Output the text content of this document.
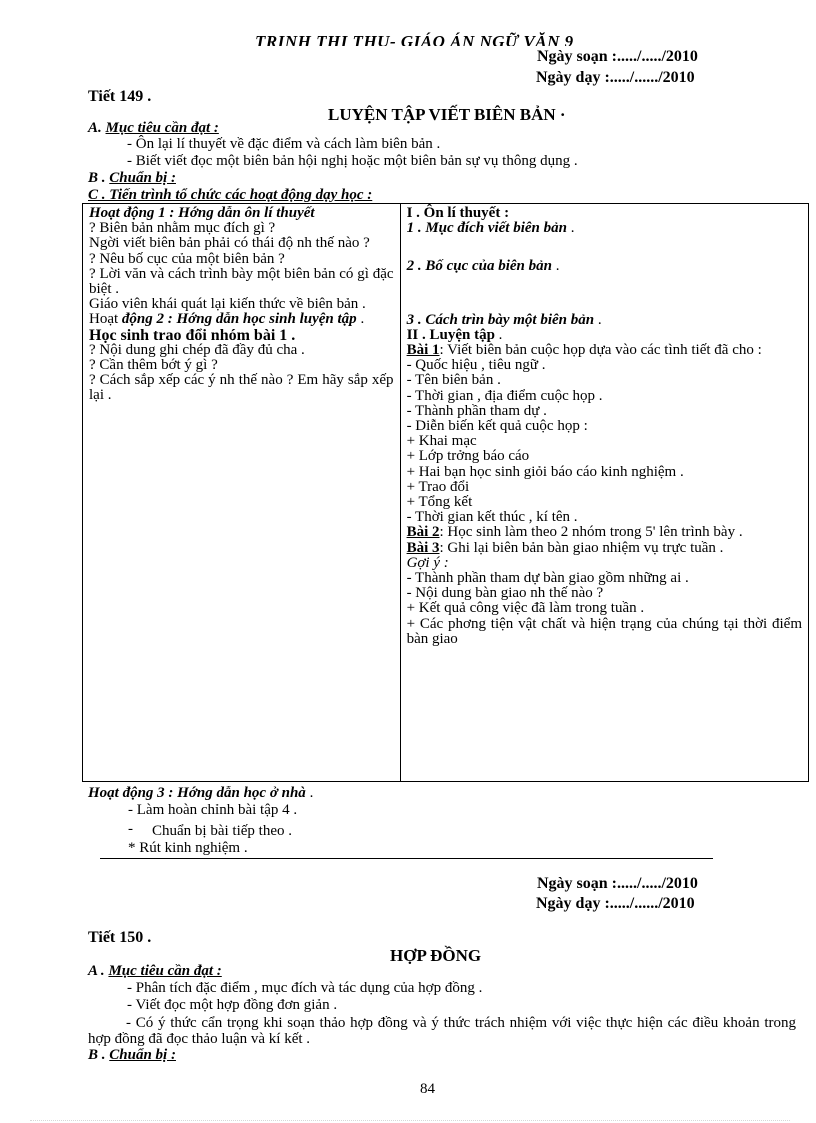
TRINH THI THU- GIÁO ÁN NGỮ VĂN 9
Ngày soạn :...../...../2010
Ngày dạy :...../....../2010
Tiết 149 .
LUYỆN TẬP VIẾT BIÊN BẢN ·
A. Mục tiêu cần đạt :
- Ôn lại lí thuyết về đặc điểm và cách làm biên bản .
- Biết viết đọc một biên bản hội nghị hoặc một biên bản sự vụ thông dụng .
B . Chuẩn bị :
C . Tiến trình tổ chức các hoạt động dạy học :
Hoạt động 1 : Hớng dẫn ôn lí thuyết
? Biên bản nhằm mục đích gì ?
Ngời viết biên bản phải có thái độ nh thế nào ?
? Nêu bố cục của một biên bản ?
? Lời văn và cách trình bày một biên bản có gì đặc biệt .
Giáo viên khái quát lại kiến thức về biên bản .
Hoạt động 2 : Hớng dẫn học sinh luyện tập .
Học sinh trao đổi nhóm bài 1 .
? Nội dung ghi chép đã đầy đủ cha .
? Cần thêm bớt ý gì ?
? Cách sắp xếp các ý nh thế nào ? Em hãy sắp xếp lại .

I . Ôn lí thuyết :
1 . Mục đích viết biên bản .
2 . Bố cục của biên bản .
3 . Cách trìn bày một biên bản .
II . Luyện tập .
Bài 1: Viết biên bản cuộc họp dựa vào các tình tiết đã cho :
- Quốc hiệu , tiêu ngữ .
- Tên biên bản .
- Thời gian , địa điểm cuộc họp .
- Thành phần tham dự .
- Diễn biến kết quả cuộc họp :
+ Khai mạc
+ Lớp trởng báo cáo
+ Hai bạn học sinh giỏi báo cáo kinh nghiệm .
+ Trao đổi
+ Tổng kết
- Thời gian kết thúc , kí tên .
Bài 2: Học sinh làm theo 2 nhóm trong 5' lên trình bày .
Bài 3: Ghi lại biên bản bàn giao nhiệm vụ trực tuần .
Gợi ý :
- Thành phần tham dự bàn giao gồm những ai .
- Nội dung bàn giao nh thế nào ?
+ Kết quả công việc đã làm trong tuần .
+ Các phơng tiện vật chất và hiện trạng của chúng tại thời điểm bàn giao
Hoạt động 3 : Hớng dẫn học ở nhà .
- Làm hoàn chỉnh bài tập 4 .
- Chuẩn bị bài tiếp theo .
* Rút kinh nghiệm .
Ngày soạn :...../...../2010
Ngày dạy :...../....../2010
Tiết 150 .
HỢP ĐỒNG
A . Mục tiêu cần đạt :
- Phân tích đặc điểm , mục đích và tác dụng của hợp đồng .
- Viết đọc một hợp đồng đơn giản .
- Có ý thức cẩn trọng khi soạn thảo hợp đồng và ý thức trách nhiệm với việc thực hiện các điều khoản trong hợp đồng đã đọc thảo luận và kí kết .
B . Chuẩn bị :
84
